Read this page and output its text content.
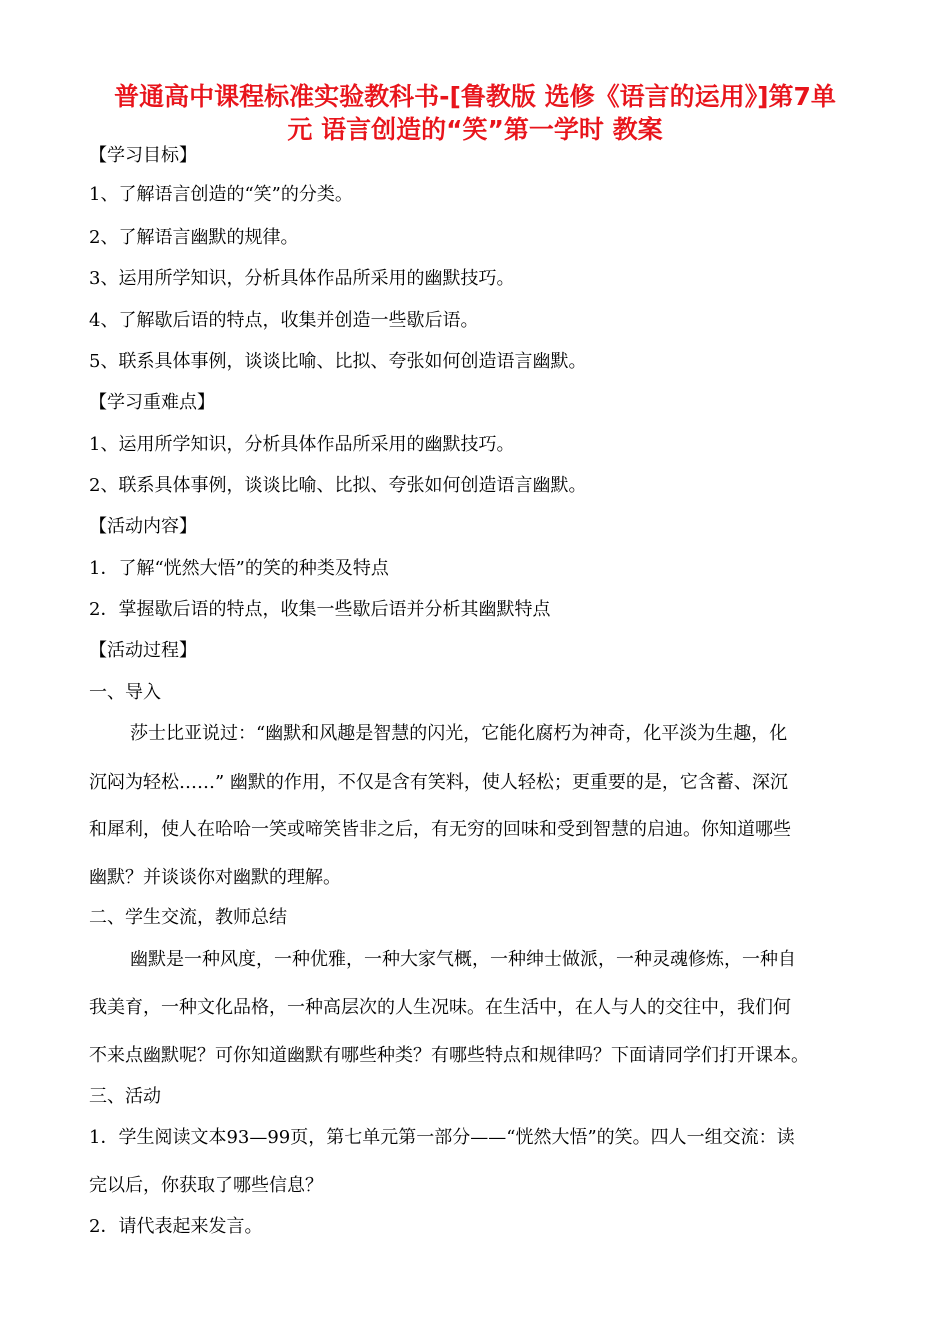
普通高中课程标准实验教科书-[鲁教版 选修《语言的运用》]第7单
元 语言创造的“笑”第一学时 教案
【学习目标】
1、了解语言创造的“笑”的分类。
2、了解语言幽默的规律。
3、运用所学知识，分析具体作品所采用的幽默技巧。
4、了解歇后语的特点，收集并创造一些歇后语。
5、联系具体事例，谈谈比喻、比拟、夸张如何创造语言幽默。
【学习重难点】
1、运用所学知识，分析具体作品所采用的幽默技巧。
2、联系具体事例，谈谈比喻、比拟、夸张如何创造语言幽默。
【活动内容】
1．了解“恍然大悟”的笑的种类及特点
2．掌握歇后语的特点，收集一些歇后语并分析其幽默特点
【活动过程】
一、导入
莎士比亚说过：“幽默和风趣是智慧的闪光，它能化腐朽为神奇，化平淡为生趣，化
沉闷为轻松……” 幽默的作用，不仅是含有笑料，使人轻松；更重要的是，它含蓄、深沉
和犀利，使人在哈哈一笑或啼笑皆非之后，有无穷的回味和受到智慧的启迪。你知道哪些
幽默？并谈谈你对幽默的理解。
二、学生交流，教师总结
幽默是一种风度，一种优雅，一种大家气概，一种绅士做派，一种灵魂修炼，一种自
我美育，一种文化品格，一种高层次的人生况味。在生活中，在人与人的交往中，我们何
不来点幽默呢？可你知道幽默有哪些种类？有哪些特点和规律吗？下面请同学们打开课本。
三、活动
1．学生阅读文本93—99页，第七单元第一部分——“恍然大悟”的笑。四人一组交流：读
完以后，你获取了哪些信息？
2．请代表起来发言。
